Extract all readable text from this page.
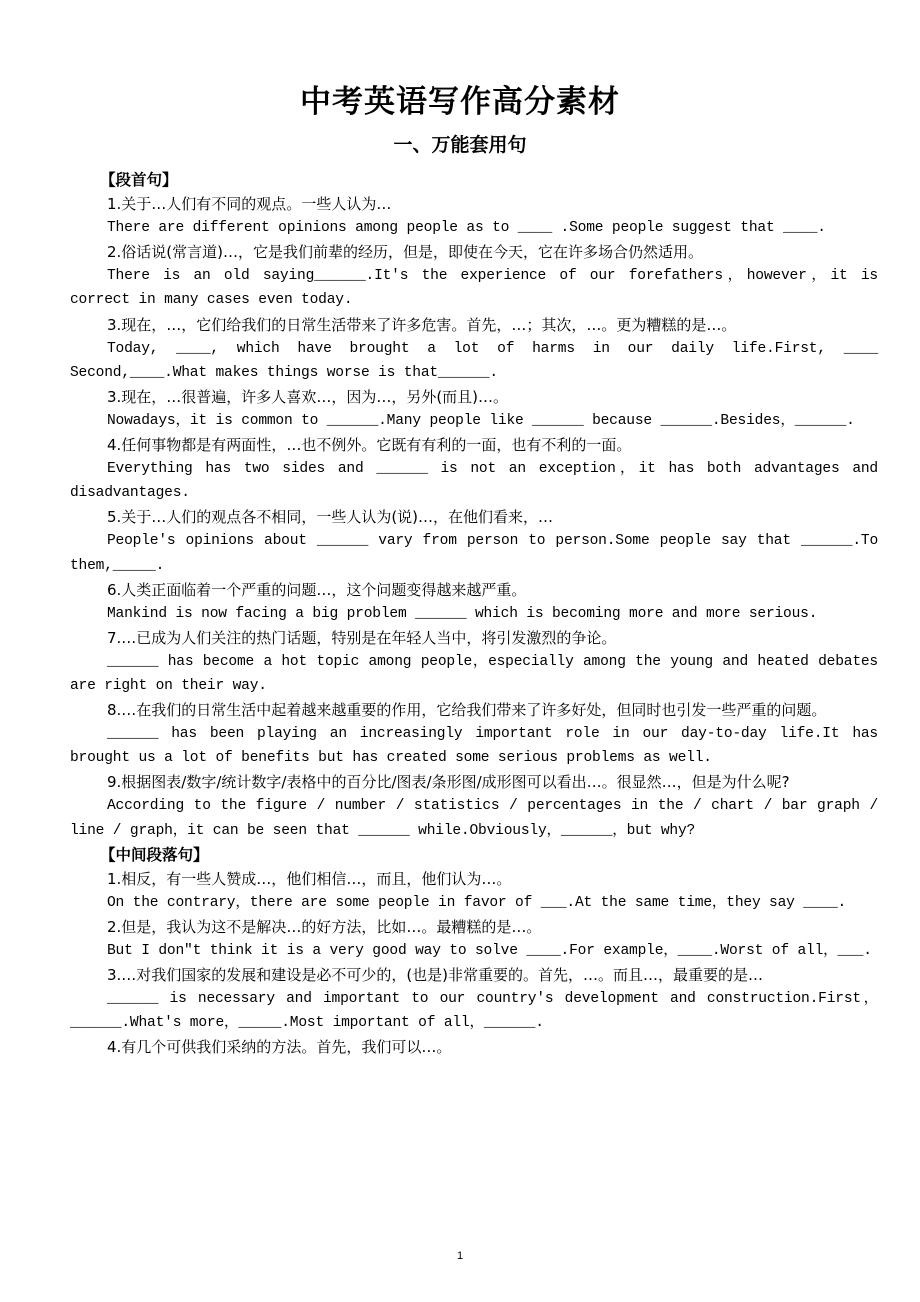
中考英语写作高分素材
一、万能套用句
【段首句】

1.关于…人们有不同的观点。一些人认为…

There are different opinions among people as to ____ .Some people suggest that ____.

2.俗话说(常言道)…，它是我们前辈的经历，但是，即使在今天，它在许多场合仍然适用。

There is an old saying______.It's the experience of our forefathers，however，it is correct in many cases even today.

3.现在，…，它们给我们的日常生活带来了许多危害。首先，…；其次，…。更为糟糕的是…。

Today, ____, which have brought a lot of harms in our daily life.First, ____ Second,____.What makes things worse is that______.

3.现在，…很普遍，许多人喜欢…，因为…，另外(而且)…。

Nowadays，it is common to ______.Many people like ______ because ______.Besides，______.

4.任何事物都是有两面性，…也不例外。它既有有利的一面，也有不利的一面。

Everything has two sides and ______ is not an exception，it has both advantages and disadvantages.

5.关于…人们的观点各不相同，一些人认为(说)…，在他们看来，…

People's opinions about ______ vary from person to person.Some people say that ______.To them,_____.

6.人类正面临着一个严重的问题…，这个问题变得越来越严重。

Mankind is now facing a big problem ______ which is becoming more and more serious.

7.…已成为人们关注的热门话题，特别是在年轻人当中，将引发激烈的争论。

______ has become a hot topic among people，especially among the young and heated debates are right on their way.

8.…在我们的日常生活中起着越来越重要的作用，它给我们带来了许多好处，但同时也引发一些严重的问题。

______ has been playing an increasingly important role in our day-to-day life.It has brought us a lot of benefits but has created some serious problems as well.

9.根据图表/数字/统计数字/表格中的百分比/图表/条形图/成形图可以看出…。很显然…，但是为什么呢?

According to the figure / number / statistics / percentages in the / chart / bar graph / line / graph，it can be seen that ______ while.Obviously，______，but why?

【中间段落句】

1.相反，有一些人赞成…，他们相信…，而且，他们认为…。

On the contrary，there are some people in favor of ___.At the same time，they say ____.

2.但是，我认为这不是解决…的好方法，比如…。最糟糕的是…。

But I don"t think it is a very good way to solve ____.For example，____.Worst of all，___.

3.…对我们国家的发展和建设是必不可少的，(也是)非常重要的。首先，…。而且…，最重要的是…

______ is necessary and important to our country's development and construction.First，______.What's more，_____.Most important of all，______.

4.有几个可供我们采纳的方法。首先，我们可以…。

1
